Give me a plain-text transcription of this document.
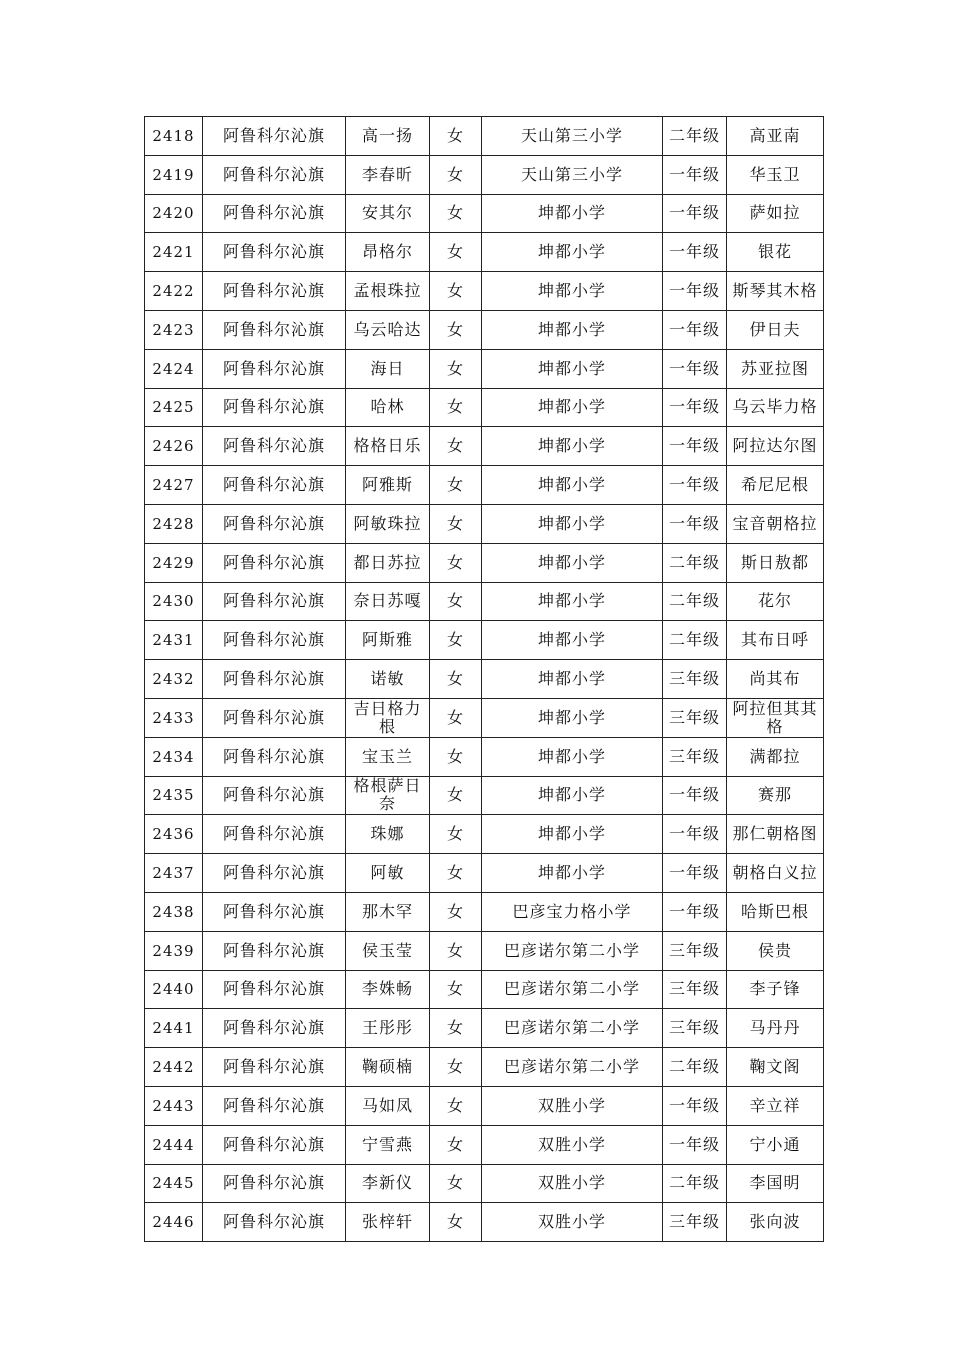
2418	阿鲁科尔沁旗	高一扬	女	天山第三小学	二年级	高亚南
2419	阿鲁科尔沁旗	李春昕	女	天山第三小学	一年级	华玉卫
2420	阿鲁科尔沁旗	安其尔	女	坤都小学	一年级	萨如拉
2421	阿鲁科尔沁旗	昂格尔	女	坤都小学	一年级	银花
2422	阿鲁科尔沁旗	孟根珠拉	女	坤都小学	一年级	斯琴其木格
2423	阿鲁科尔沁旗	乌云哈达	女	坤都小学	一年级	伊日夫
2424	阿鲁科尔沁旗	海日	女	坤都小学	一年级	苏亚拉图
2425	阿鲁科尔沁旗	哈林	女	坤都小学	一年级	乌云毕力格
2426	阿鲁科尔沁旗	格格日乐	女	坤都小学	一年级	阿拉达尔图
2427	阿鲁科尔沁旗	阿雅斯	女	坤都小学	一年级	希尼尼根
2428	阿鲁科尔沁旗	阿敏珠拉	女	坤都小学	一年级	宝音朝格拉
2429	阿鲁科尔沁旗	都日苏拉	女	坤都小学	二年级	斯日敖都
2430	阿鲁科尔沁旗	奈日苏嘎	女	坤都小学	二年级	花尔
2431	阿鲁科尔沁旗	阿斯雅	女	坤都小学	二年级	其布日呼
2432	阿鲁科尔沁旗	诺敏	女	坤都小学	三年级	尚其布
2433	阿鲁科尔沁旗	吉日格力根	女	坤都小学	三年级	阿拉但其其格
2434	阿鲁科尔沁旗	宝玉兰	女	坤都小学	三年级	满都拉
2435	阿鲁科尔沁旗	格根萨日奈	女	坤都小学	一年级	赛那
2436	阿鲁科尔沁旗	珠娜	女	坤都小学	一年级	那仁朝格图
2437	阿鲁科尔沁旗	阿敏	女	坤都小学	一年级	朝格白义拉
2438	阿鲁科尔沁旗	那木罕	女	巴彦宝力格小学	一年级	哈斯巴根
2439	阿鲁科尔沁旗	侯玉莹	女	巴彦诺尔第二小学	三年级	侯贵
2440	阿鲁科尔沁旗	李姝畅	女	巴彦诺尔第二小学	三年级	李子锋
2441	阿鲁科尔沁旗	王彤彤	女	巴彦诺尔第二小学	三年级	马丹丹
2442	阿鲁科尔沁旗	鞠硕楠	女	巴彦诺尔第二小学	二年级	鞠文阁
2443	阿鲁科尔沁旗	马如凤	女	双胜小学	一年级	辛立祥
2444	阿鲁科尔沁旗	宁雪燕	女	双胜小学	一年级	宁小通
2445	阿鲁科尔沁旗	李新仪	女	双胜小学	二年级	李国明
2446	阿鲁科尔沁旗	张梓轩	女	双胜小学	三年级	张向波
